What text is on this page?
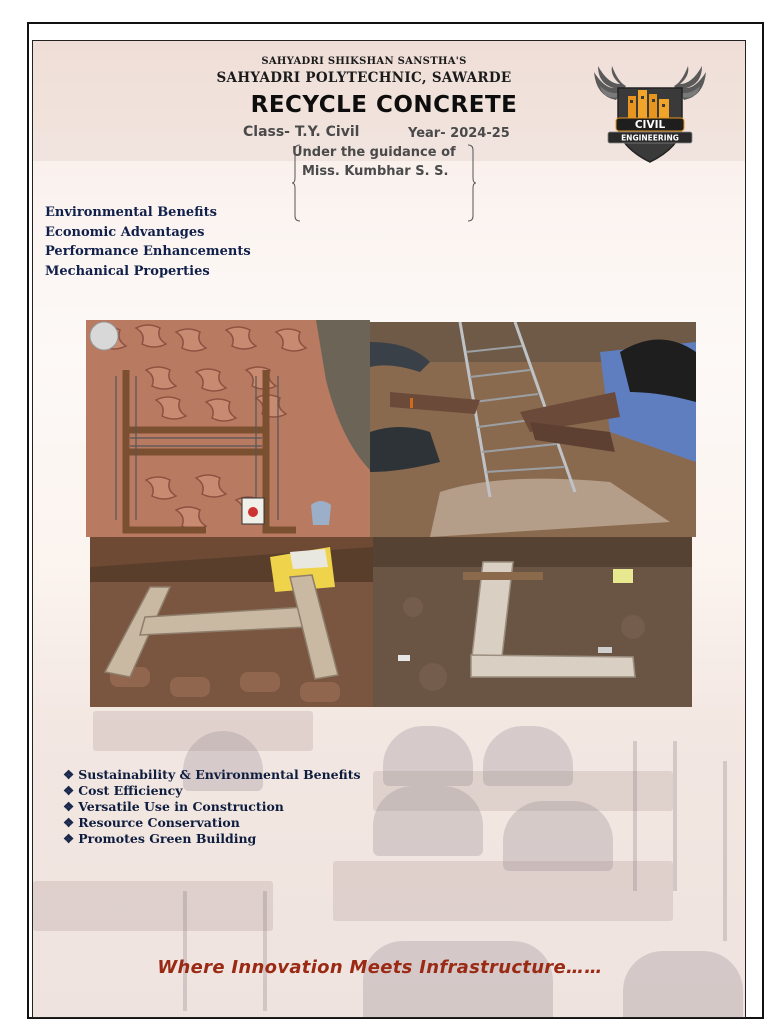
SAHYADRI SHIKSHAN SANSTHA'S
SAHYADRI POLYTECHNIC, SAWARDE
RECYCLE CONCRETE
Class- T.Y. Civil	Year- 2024-25
Under the guidance of
Miss. Kumbhar S. S.
CIVIL
ENGINEERING
Environmental Benefits
Economic Advantages
Performance Enhancements
Mechanical Properties
❖ Sustainability & Environmental Benefits
❖ Cost Efficiency
❖ Versatile Use in Construction
❖ Resource Conservation
❖ Promotes Green Building
Where Innovation Meets Infrastructure……
